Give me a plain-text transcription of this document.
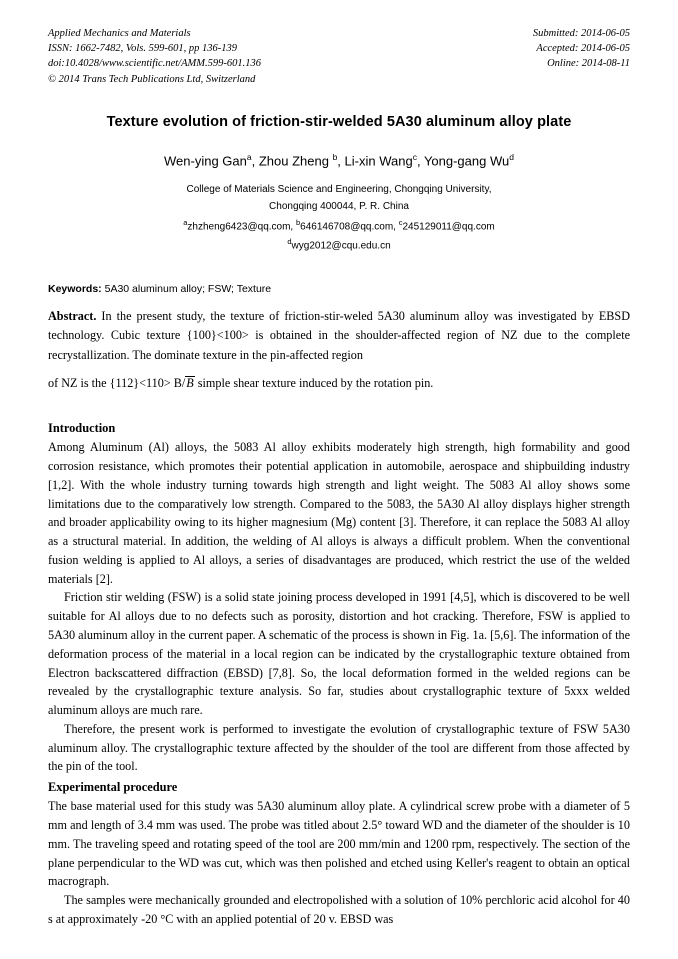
Applied Mechanics and Materials
ISSN: 1662-7482, Vols. 599-601, pp 136-139
doi:10.4028/www.scientific.net/AMM.599-601.136
© 2014 Trans Tech Publications Ltd, Switzerland
Submitted: 2014-06-05
Accepted: 2014-06-05
Online: 2014-08-11
Texture evolution of friction-stir-welded 5A30 aluminum alloy plate
Wen-ying Gan$^a$, Zhou Zheng $^b$, Li-xin Wang$^c$, Yong-gang Wu$^d$
College of Materials Science and Engineering, Chongqing University,
Chongqing 400044, P. R. China
$^a$zhzheng6423@qq.com, $^b$646146708@qq.com, $^c$245129011@qq.com
$^d$wyg2012@cqu.edu.cn
Keywords: 5A30 aluminum alloy; FSW; Texture
Abstract. In the present study, the texture of friction-stir-weled 5A30 aluminum alloy was investigated by EBSD technology. Cubic texture {100}<100> is obtained in the shoulder-affected region of NZ due to the complete recrystallization. The dominate texture in the pin-affected region
of NZ is the {112}<110> B/B simple shear texture induced by the rotation pin.
Introduction

Among Aluminum (Al) alloys, the 5083 Al alloy exhibits moderately high strength, high formability and good corrosion resistance, which promotes their potential application in automobile, aerospace and shipbuilding industry [1,2]. With the whole industry turning towards high strength and light weight. The 5083 Al alloy shows some limitations due to the comparatively low strength. Compared to the 5083, the 5A30 Al alloy displays higher strength and broader applicability owing to its higher magnesium (Mg) content [3]. Therefore, it can replace the 5083 Al alloy as a structural material. In addition, the welding of Al alloys is always a difficult problem. When the conventional fusion welding is applied to Al alloys, a series of disadvantages are produced, which restrict the use of the welded materials [2].

Friction stir welding (FSW) is a solid state joining process developed in 1991 [4,5], which is discovered to be well suitable for Al alloys due to no defects such as porosity, distortion and hot cracking. Therefore, FSW is applied to 5A30 aluminum alloy in the current paper. A schematic of the process is shown in Fig. 1a. [5,6]. The information of the deformation process of the material in a local region can be indicated by the crystallographic texture obtained from Electron backscattered diffraction (EBSD) [7,8]. So, the local deformation formed in the welded regions can be revealed by the crystallographic texture analysis. So far, studies about crystallographic texture of 5xxx welded aluminum alloys are much rare.

Therefore, the present work is performed to investigate the evolution of crystallographic texture of FSW 5A30 aluminum alloy. The crystallographic texture affected by the shoulder of the tool are different from those affected by the pin of the tool.

Experimental procedure

The base material used for this study was 5A30 aluminum alloy plate. A cylindrical screw probe with a diameter of 5 mm and length of 3.4 mm was used. The probe was titled about 2.5° toward WD and the diameter of the shoulder is 10 mm. The traveling speed and rotating speed of the tool are 200 mm/min and 1200 rpm, respectively. The section of the plane perpendicular to the WD was cut, which was then polished and etched using Keller's reagent to obtain an optical macrograph.

The samples were mechanically grounded and electropolished with a solution of 10% perchloric acid alcohol for 40 s at approximately -20 °C with an applied potential of 20 v. EBSD was
